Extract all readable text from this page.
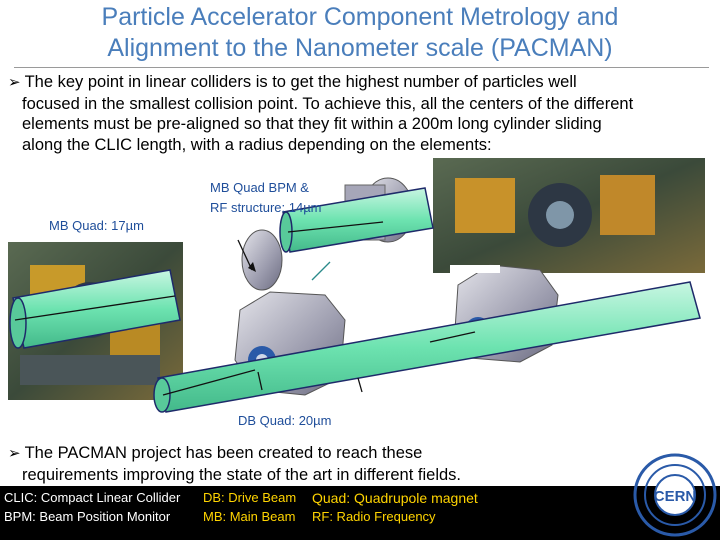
Particle Accelerator Component Metrology and
Alignment to the Nanometer scale (PACMAN)
➢ The key point in linear colliders is to get the highest number of particles well
focused in the smallest collision point. To achieve this, all the centers of the different
elements must be pre-aligned so that they fit within a 200m long cylinder sliding
along the CLIC length, with a radius depending on the elements:
MB Quad: 17µm
MB Quad BPM &
RF structure: 14µm
DB Quad: 20µm
➢ The PACMAN project has been created to reach these
requirements improving the state of the art in different fields.
CLIC: Compact Linear Collider
BPM: Beam Position Monitor
DB: Drive Beam
MB: Main Beam
Quad: Quadrupole magnet
RF: Radio Frequency
CERN
